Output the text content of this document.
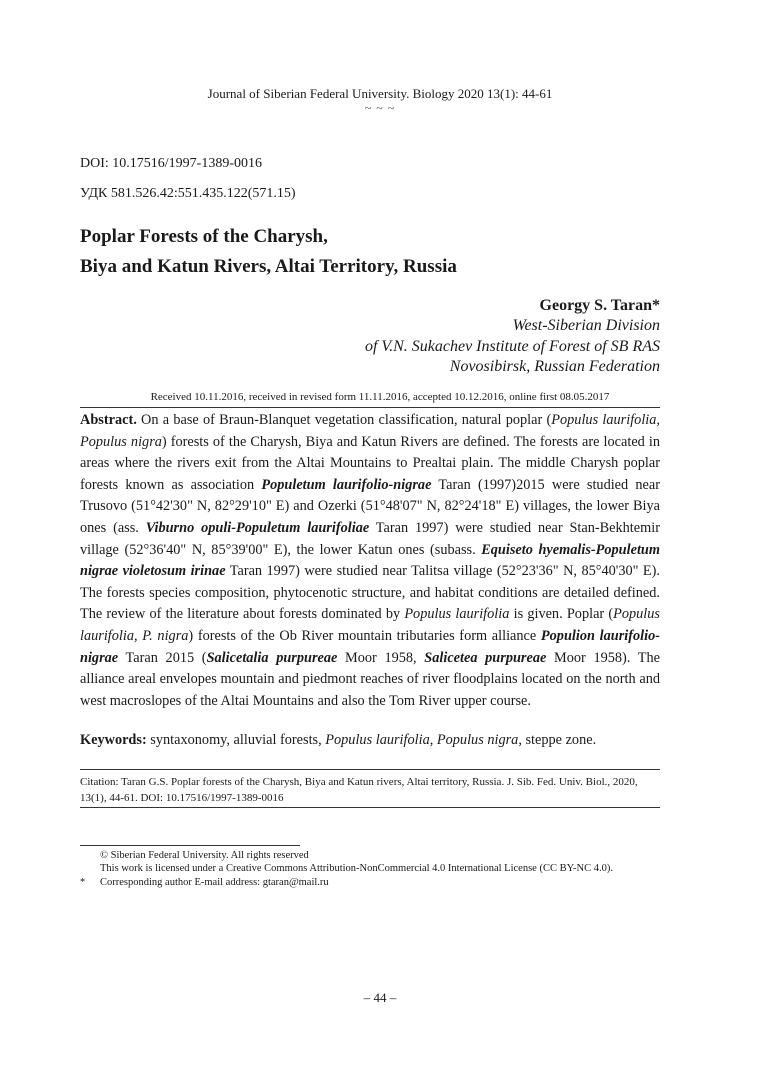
Journal of Siberian Federal University. Biology 2020 13(1): 44-61
~ ~ ~
DOI: 10.17516/1997-1389-0016
УДК 581.526.42:551.435.122(571.15)
Poplar Forests of the Charysh,
Biya and Katun Rivers, Altai Territory, Russia
Georgy S. Taran*
West-Siberian Division
of V.N. Sukachev Institute of Forest of SB RAS
Novosibirsk, Russian Federation
Received 10.11.2016, received in revised form 11.11.2016, accepted 10.12.2016, online first 08.05.2017
Abstract. On a base of Braun-Blanquet vegetation classification, natural poplar (Populus laurifolia, Populus nigra) forests of the Charysh, Biya and Katun Rivers are defined. The forests are located in areas where the rivers exit from the Altai Mountains to Prealtai plain. The middle Charysh poplar forests known as association Populetum laurifolio-nigrae Taran (1997)2015 were studied near Trusovo (51°42'30" N, 82°29'10" E) and Ozerki (51°48'07" N, 82°24'18" E) villages, the lower Biya ones (ass. Viburno opuli-Populetum laurifoliae Taran 1997) were studied near Stan-Bekhtemir village (52°36'40" N, 85°39'00" E), the lower Katun ones (subass. Equiseto hyemalis-Populetum nigrae violetosum irinae Taran 1997) were studied near Talitsa village (52°23'36" N, 85°40'30" E). The forests species composition, phytocenotic structure, and habitat conditions are detailed defined. The review of the literature about forests dominated by Populus laurifolia is given. Poplar (Populus laurifolia, P. nigra) forests of the Ob River mountain tributaries form alliance Populion laurifolio-nigrae Taran 2015 (Salicetalia purpureae Moor 1958, Salicetea purpureae Moor 1958). The alliance areal envelopes mountain and piedmont reaches of river floodplains located on the north and west macroslopes of the Altai Mountains and also the Tom River upper course.
Keywords: syntaxonomy, alluvial forests, Populus laurifolia, Populus nigra, steppe zone.
Citation: Taran G.S. Poplar forests of the Charysh, Biya and Katun rivers, Altai territory, Russia. J. Sib. Fed. Univ. Biol., 2020, 13(1), 44-61. DOI: 10.17516/1997-1389-0016
© Siberian Federal University. All rights reserved
This work is licensed under a Creative Commons Attribution-NonCommercial 4.0 International License (CC BY-NC 4.0).
* Corresponding author E-mail address: gtaran@mail.ru
– 44 –
